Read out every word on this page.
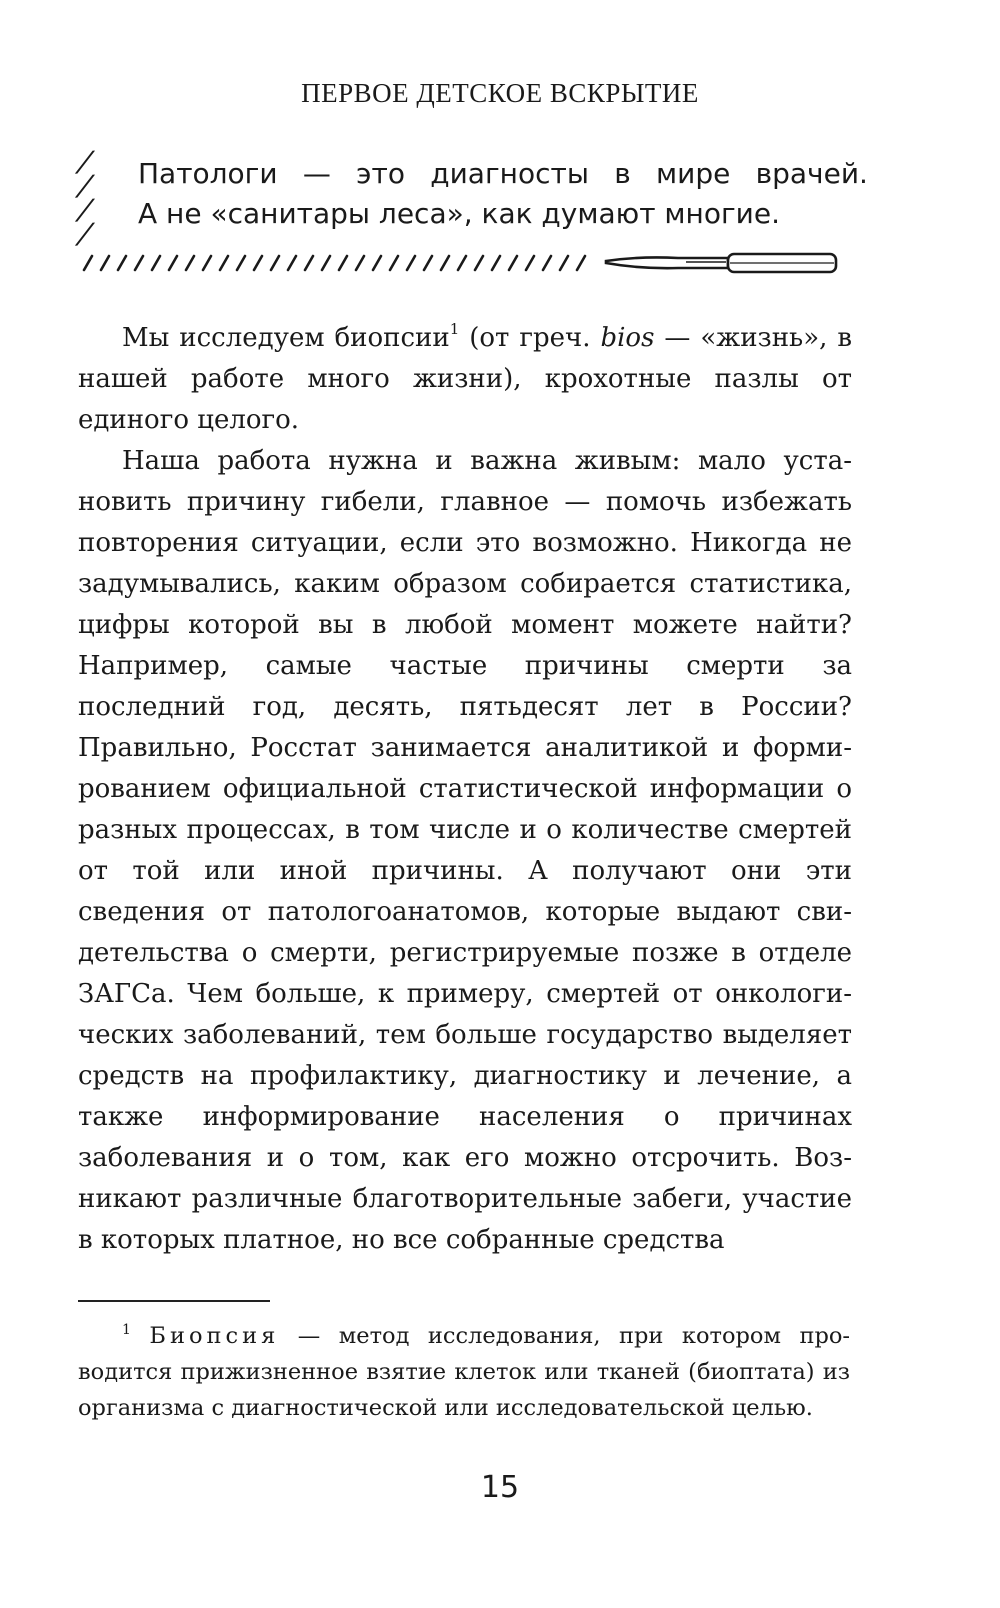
ПЕРВОЕ ДЕТСКОЕ ВСКРЫТИЕ
/
/
/
/
Патологи — это диагносты в мире врачей.
А не «санитары леса», как думают многие.

Мы исследуем биопсии$^1$ (от греч. bios — «жизнь», в нашей работе много жизни), крохотные пазлы от единого целого.

Наша работа нужна и важна живым: мало установить причину гибели, главное — помочь избежать повторения ситуации, если это возможно. Никогда не задумывались, каким образом собирается статистика, цифры которой вы в любой момент можете найти? Например, самые частые причины смерти за последний год, десять, пятьдесят лет в России? Правильно, Росстат занимается аналитикой и формированием официальной статистической информации о разных процессах, в том числе и о количестве смертей от той или иной причины. А получают они эти сведения от патологоанатомов, которые выдают свидетельства о смерти, регистрируемые позже в отделе ЗАГСа. Чем больше, к примеру, смертей от онкологических заболеваний, тем больше государство выделяет средств на профилактику, диагностику и лечение, а также информирование населения о причинах заболевания и о том, как его можно отсрочить. Возникают различные благотворительные забеги, участие в которых платное, но все собранные средства

$^1$ Биопсия — метод исследования, при котором проводится прижизненное взятие клеток или тканей (биоптата) из организма с диагностической или исследовательской целью.

15
